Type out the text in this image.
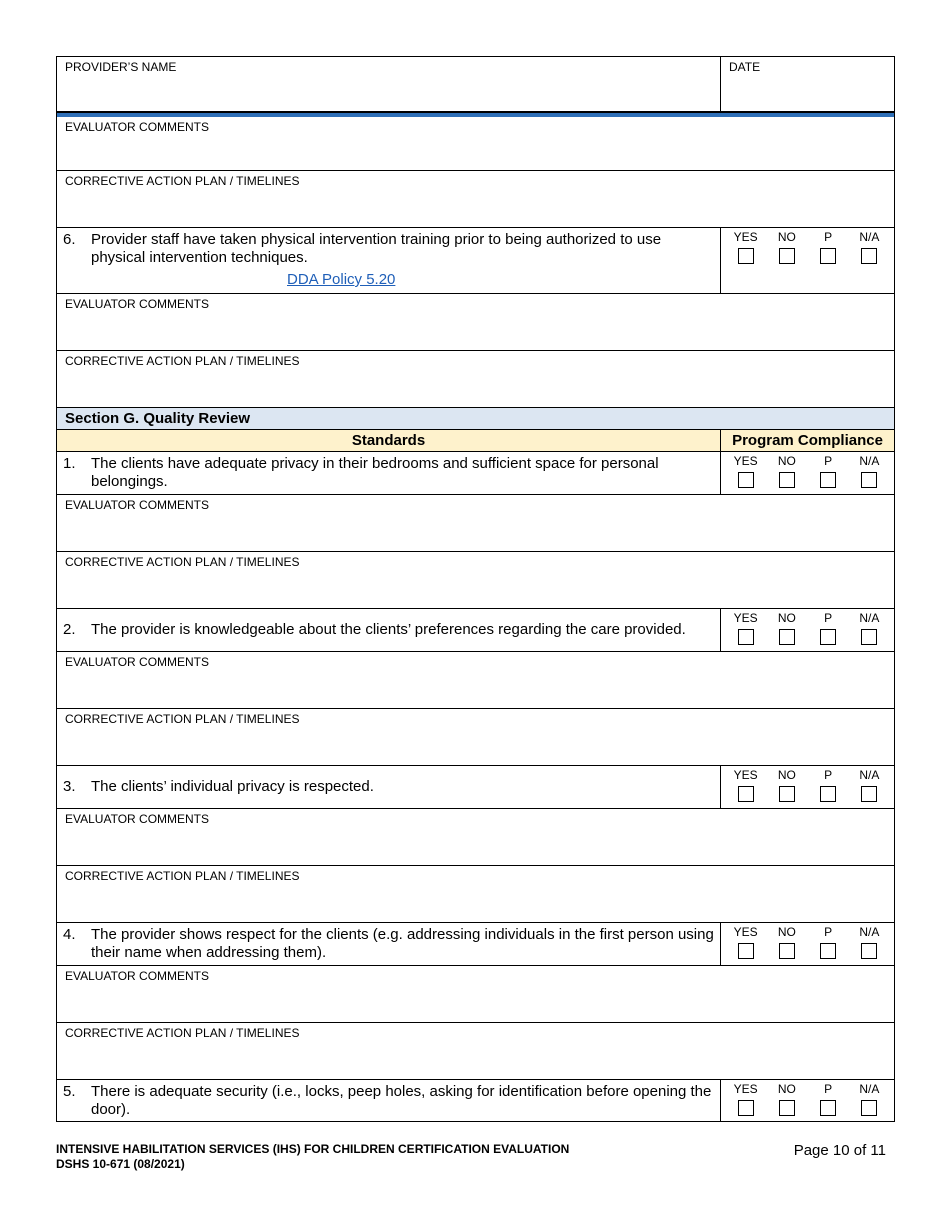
PROVIDER’S NAME	DATE
EVALUATOR COMMENTS
CORRECTIVE ACTION PLAN / TIMELINES
6.	Provider staff have taken physical intervention training prior to being authorized to use physical intervention techniques.
DDA Policy 5.20
YES NO P N/A
EVALUATOR COMMENTS
CORRECTIVE ACTION PLAN / TIMELINES
Section G. Quality Review
Standards	Program Compliance
1.	The clients have adequate privacy in their bedrooms and sufficient space for personal belongings.
YES NO P N/A
EVALUATOR COMMENTS
CORRECTIVE ACTION PLAN / TIMELINES
2.	The provider is knowledgeable about the clients’ preferences regarding the care provided.
YES NO P N/A
EVALUATOR COMMENTS
CORRECTIVE ACTION PLAN / TIMELINES
3.	The clients’ individual privacy is respected.
YES NO P N/A
EVALUATOR COMMENTS
CORRECTIVE ACTION PLAN / TIMELINES
4.	The provider shows respect for the clients (e.g. addressing individuals in the first person using their name when addressing them).
YES NO P N/A
EVALUATOR COMMENTS
CORRECTIVE ACTION PLAN / TIMELINES
5.	There is adequate security (i.e., locks, peep holes, asking for identification before opening the door).
YES NO P N/A
INTENSIVE HABILITATION SERVICES (IHS) FOR CHILDREN CERTIFICATION EVALUATION
DSHS 10-671 (08/2021)
Page 10 of 11
